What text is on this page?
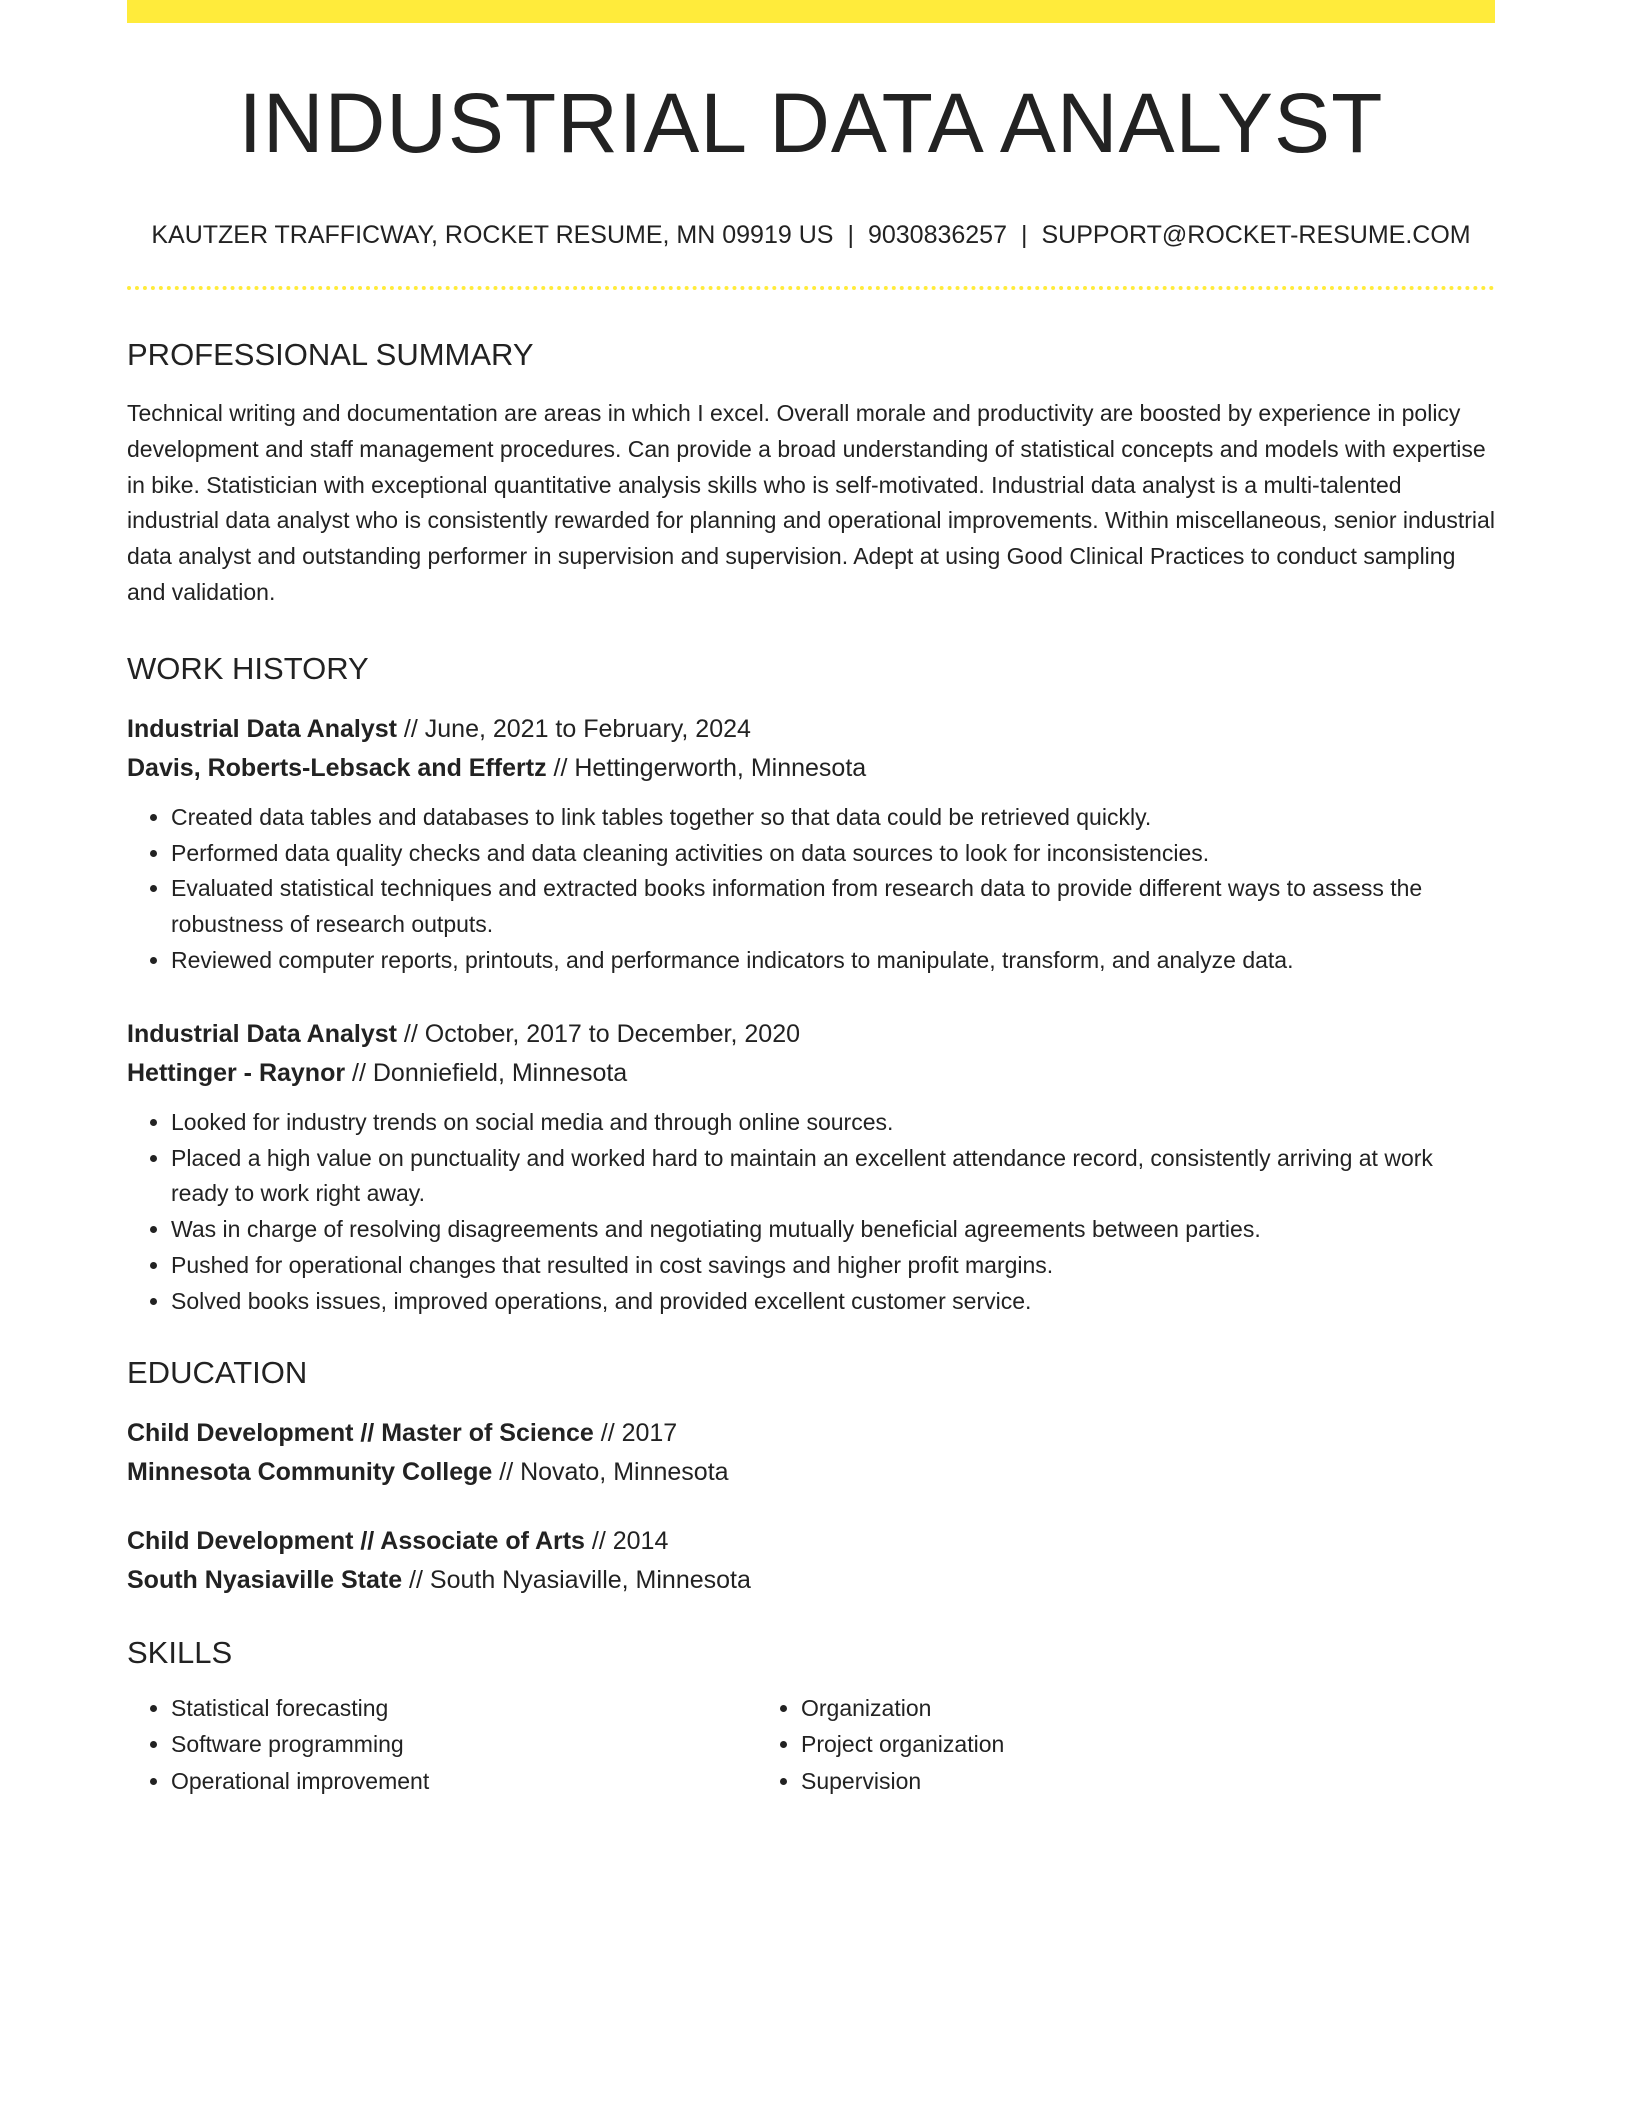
INDUSTRIAL DATA ANALYST
KAUTZER TRAFFICWAY, ROCKET RESUME, MN 09919 US | 9030836257 | SUPPORT@ROCKET-RESUME.COM
PROFESSIONAL SUMMARY
Technical writing and documentation are areas in which I excel. Overall morale and productivity are boosted by experience in policy development and staff management procedures. Can provide a broad understanding of statistical concepts and models with expertise in bike. Statistician with exceptional quantitative analysis skills who is self-motivated. Industrial data analyst is a multi-talented industrial data analyst who is consistently rewarded for planning and operational improvements. Within miscellaneous, senior industrial data analyst and outstanding performer in supervision and supervision. Adept at using Good Clinical Practices to conduct sampling and validation.
WORK HISTORY
Industrial Data Analyst // June, 2021 to February, 2024
Davis, Roberts-Lebsack and Effertz // Hettingerworth, Minnesota
• Created data tables and databases to link tables together so that data could be retrieved quickly.
• Performed data quality checks and data cleaning activities on data sources to look for inconsistencies.
• Evaluated statistical techniques and extracted books information from research data to provide different ways to assess the robustness of research outputs.
• Reviewed computer reports, printouts, and performance indicators to manipulate, transform, and analyze data.
Industrial Data Analyst // October, 2017 to December, 2020
Hettinger - Raynor // Donniefield, Minnesota
• Looked for industry trends on social media and through online sources.
• Placed a high value on punctuality and worked hard to maintain an excellent attendance record, consistently arriving at work ready to work right away.
• Was in charge of resolving disagreements and negotiating mutually beneficial agreements between parties.
• Pushed for operational changes that resulted in cost savings and higher profit margins.
• Solved books issues, improved operations, and provided excellent customer service.
EDUCATION
Child Development // Master of Science // 2017
Minnesota Community College // Novato, Minnesota
Child Development // Associate of Arts // 2014
South Nyasiaville State // South Nyasiaville, Minnesota
SKILLS
• Statistical forecasting
• Software programming
• Operational improvement
• Organization
• Project organization
• Supervision
